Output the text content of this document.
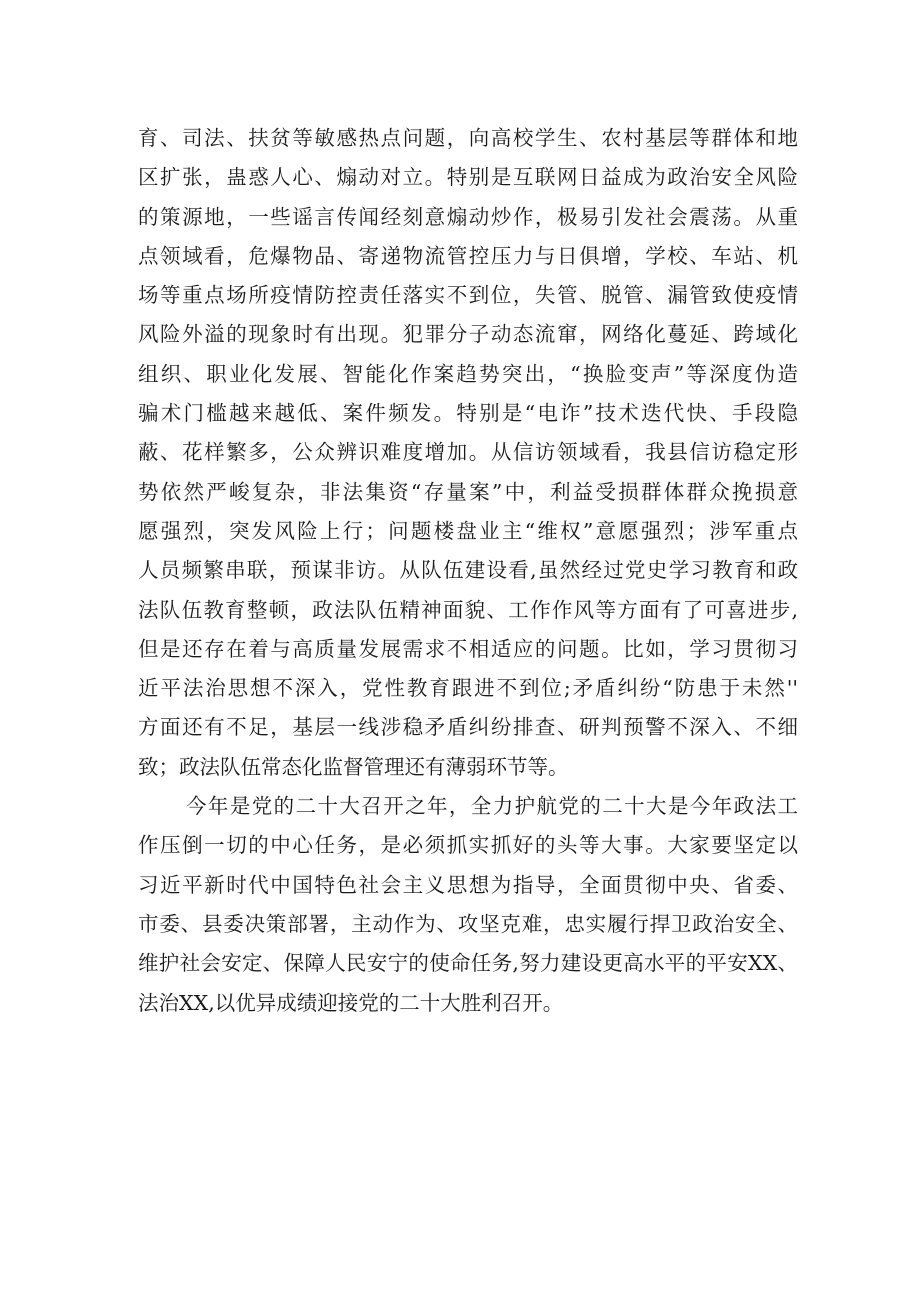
育、司法、扶贫等敏感热点问题，向高校学生、农村基层等群体和地
区扩张，蛊惑人心、煽动对立。特别是互联网日益成为政治安全风险
的策源地，一些谣言传闻经刻意煽动炒作，极易引发社会震荡。从重
点领域看，危爆物品、寄递物流管控压力与日俱增，学校、车站、机
场等重点场所疫情防控责任落实不到位，失管、脱管、漏管致使疫情
风险外溢的现象时有出现。犯罪分子动态流窜，网络化蔓延、跨域化
组织、职业化发展、智能化作案趋势突出，“换脸变声”等深度伪造
骗术门槛越来越低、案件频发。特别是“电诈”技术迭代快、手段隐
蔽、花样繁多，公众辨识难度增加。从信访领域看，我县信访稳定形
势依然严峻复杂，非法集资“存量案”中，利益受损群体群众挽损意
愿强烈，突发风险上行；问题楼盘业主“维权”意愿强烈；涉军重点
人员频繁串联，预谋非访。从队伍建设看,虽然经过党史学习教育和政
法队伍教育整顿，政法队伍精神面貌、工作作风等方面有了可喜进步,
但是还存在着与高质量发展需求不相适应的问题。比如，学习贯彻习
近平法治思想不深入，党性教育跟进不到位;矛盾纠纷“防患于未然''
方面还有不足，基层一线涉稳矛盾纠纷排查、研判预警不深入、不细
致；政法队伍常态化监督管理还有薄弱环节等。
今年是党的二十大召开之年，全力护航党的二十大是今年政法工
作压倒一切的中心任务，是必须抓实抓好的头等大事。大家要坚定以
习近平新时代中国特色社会主义思想为指导，全面贯彻中央、省委、
市委、县委决策部署，主动作为、攻坚克难，忠实履行捍卫政治安全、
维护社会安定、保障人民安宁的使命任务,努力建设更高水平的平安XX、
法治XX,以优异成绩迎接党的二十大胜利召开。
